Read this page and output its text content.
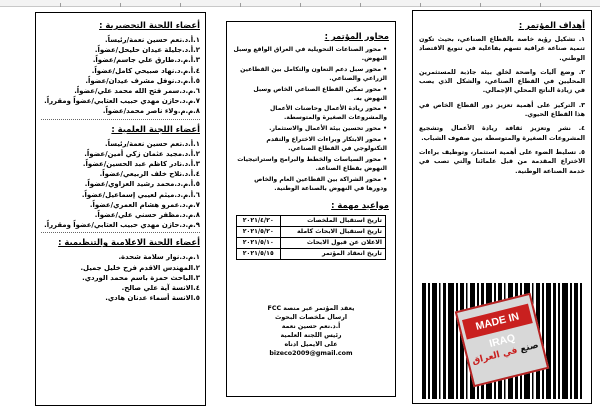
أعضاء اللجنة التحضيرية :
١.أ.د.نعم حسين نعمة/رئيساً.
٢.أ.د.جليلة عيدان حليحل/عضواً.
٣.أ.م.د.طارق علي جاسم/عضواً.
٤.أ.م.د.نهاد صبيحي كامل/عضواً.
٥.أ.م.د.نوفل مشرف عيدان/عضواً.
٦.م.د.سمر فتح الله محمد علي/عضواً.
٧.م.د.حازن مهدي حبيب العتابي/عضواً ومقرراً.
٨.م.م.ولاء ناصر محمد/عضواً.
أعضاء اللجنة العلمية :
١.أ.د.نعم حسين نعمة/رئيساً.
٢.أ.د.مجيد عثمان زكي أمين/عضواً.
٣.أ.د.نادر كاظم عبد الحسين/عضواً.
٤.أ.د.نلاح خلف الربيعي/عضواً.
٥.أ.م.د.محمد رشيد العزاوي/عضواً.
٦.أ.م.د.ميثم لعيبي إسماعيل/عضواً.
٧.م.د.عمرو هشام العمري/عضواً.
٨.م.د.مظفر حسني علي/عضواً.
٩.م.د.حازن مهدي حبيب العتابي/عضواً ومقرراً.
أعضاء اللجنة الاعلامية والتنظيمية :
١.م.د.نوار سلامة شحدة.
٢.المهندس الاقدم فرح خليل جميل.
٣.الباحث حمزة باسم محمد الوردي.
٤.الانسة آية علي صالح.
٥.الانسة أسماء عدنان هادي.
محاور المؤتمر :
• محور الصناعات التحويلية في العراق الواقع وسبل النهوض.
• محور سبل دعم التعاون والتكامل بين القطاعين الزراعي والصناعي.
• محور تمكين القطاع الصناعي الخاص وسبل النهوض به.
• محور ريادة الأعمال وحاضنات الأعمال والمشروعات الصغيرة والمتوسطة.
• محور تحسين بيئة الأعمال والاستثمار.
• محور الابتكار وبراءات الاختراع والتقدم التكنولوجي في القطاع الصناعي.
• محور السياسات والخطط والبرامج واستراتيجيات النهوض بقطاع الصناعة.
• محور الشراكة بين القطاعين العام والخاص ودورها في النهوض بالصناعة الوطنية.
مواعيد مهمة :
تاريخ استقبال الملخصات	٢٠٢١/٤/٢٠
تاريخ استقبال الابحاث كاملة	٢٠٢١/٥/٢٠
الاعلان عن قبول الابحاث	٢٠٢١/٥/١٠
تاريخ انعقاد المؤتمر	٢٠٢١/٥/١٥
يعقد المؤتمر عبر منصة FCC
ارسال ملخصات البحوث
أ.د.نعم حسين نعمة
رئيس اللجنة العلمية
على الايميل ادناه
bizeco2009@gmail.com
أهداف المؤتمر :
١. تشكيل رؤية خاصة بالقطاع الصناعي، بحيث تكون تنمية صناعة عراقية تسهم بفاعلية في تنويع الاقتصاد الوطني.
٢. وضع آليات واضحة لخلق بيئة جاذبة للمستثمرين المحليين في القطاع الصناعي، والشكل الذي يصب في زيادة الناتج المحلي الإجمالي.
٣. التركيز على أهمية تعزيز دور القطاع الخاص في هذا القطاع الحيوي.
٤. نشر وتعزيز ثقافة ريادة الأعمال وتشجيع المشروعات الصغيرة والمتوسطة بين صفوف الشباب.
٥. تسليط الضوء على أهمية استثمار، وتوظيف براءات الاختراع المقدمة من قبل علمائنا والتي تصب في خدمة الصناعة الوطنية.
MADE IN IRAQ صنع في العراق
